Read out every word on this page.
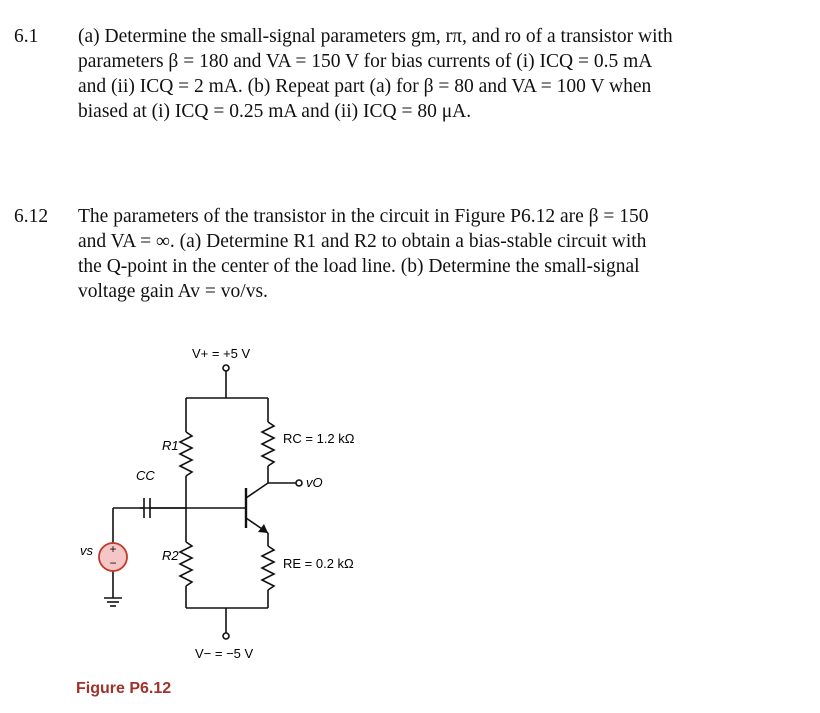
6.1 (a) Determine the small-signal parameters gm, rπ, and ro of a transistor with
parameters β = 180 and VA = 150 V for bias currents of (i) ICQ = 0.5 mA
and (ii) ICQ = 2 mA. (b) Repeat part (a) for β = 80 and VA = 100 V when
biased at (i) ICQ = 0.25 mA and (ii) ICQ = 80 μA.
6.12 The parameters of the transistor in the circuit in Figure P6.12 are β = 150
and VA = ∞. (a) Determine R1 and R2 to obtain a bias-stable circuit with
the Q-point in the center of the load line. (b) Determine the small-signal
voltage gain Av = vo/vs.
+
−
V+ = +5 V
V− = −5 V
R1
R2
CC
RC = 1.2 kΩ
RE = 0.2 kΩ
vO
vs
Figure P6.12
